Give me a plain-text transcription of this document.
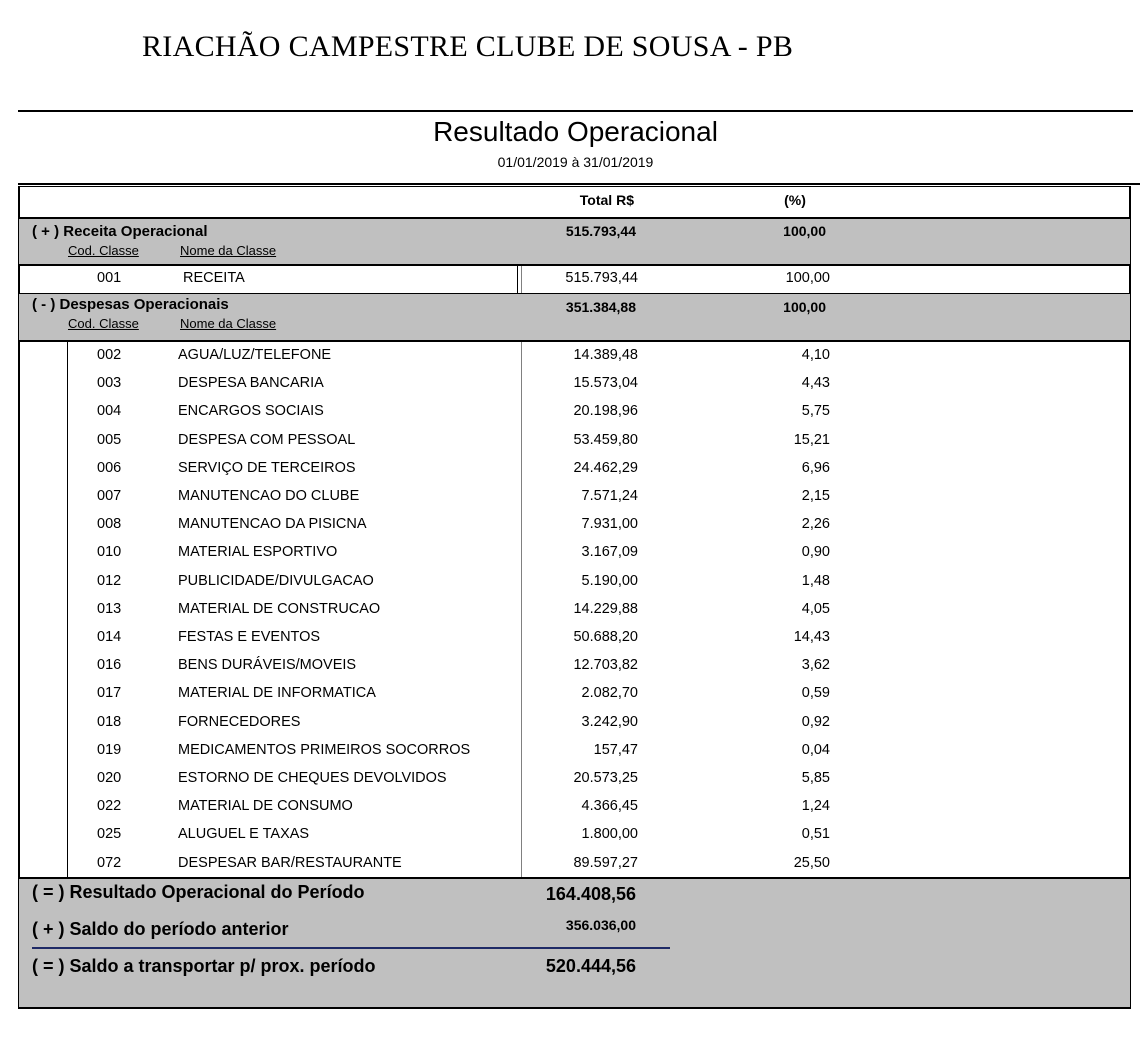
RIACHÃO CAMPESTRE CLUBE DE SOUSA - PB
Resultado Operacional
01/01/2019 à 31/01/2019
Total R$	(%)
( + ) Receita Operacional	515.793,44	100,00
Cod. Classe	Nome da Classe
001	RECEITA	515.793,44	100,00
( - ) Despesas Operacionais	351.384,88	100,00
Cod. Classe	Nome da Classe
002	AGUA/LUZ/TELEFONE	14.389,48	4,10
003	DESPESA BANCARIA	15.573,04	4,43
004	ENCARGOS SOCIAIS	20.198,96	5,75
005	DESPESA COM PESSOAL	53.459,80	15,21
006	SERVIÇO DE TERCEIROS	24.462,29	6,96
007	MANUTENCAO DO CLUBE	7.571,24	2,15
008	MANUTENCAO DA PISICNA	7.931,00	2,26
010	MATERIAL ESPORTIVO	3.167,09	0,90
012	PUBLICIDADE/DIVULGACAO	5.190,00	1,48
013	MATERIAL DE CONSTRUCAO	14.229,88	4,05
014	FESTAS E EVENTOS	50.688,20	14,43
016	BENS DURÁVEIS/MOVEIS	12.703,82	3,62
017	MATERIAL DE INFORMATICA	2.082,70	0,59
018	FORNECEDORES	3.242,90	0,92
019	MEDICAMENTOS PRIMEIROS SOCORROS	157,47	0,04
020	ESTORNO DE CHEQUES DEVOLVIDOS	20.573,25	5,85
022	MATERIAL DE CONSUMO	4.366,45	1,24
025	ALUGUEL E TAXAS	1.800,00	0,51
072	DESPESAR BAR/RESTAURANTE	89.597,27	25,50
( = ) Resultado Operacional do Período	164.408,56
( + ) Saldo do período anterior	356.036,00
( = ) Saldo a transportar p/ prox. período	520.444,56
